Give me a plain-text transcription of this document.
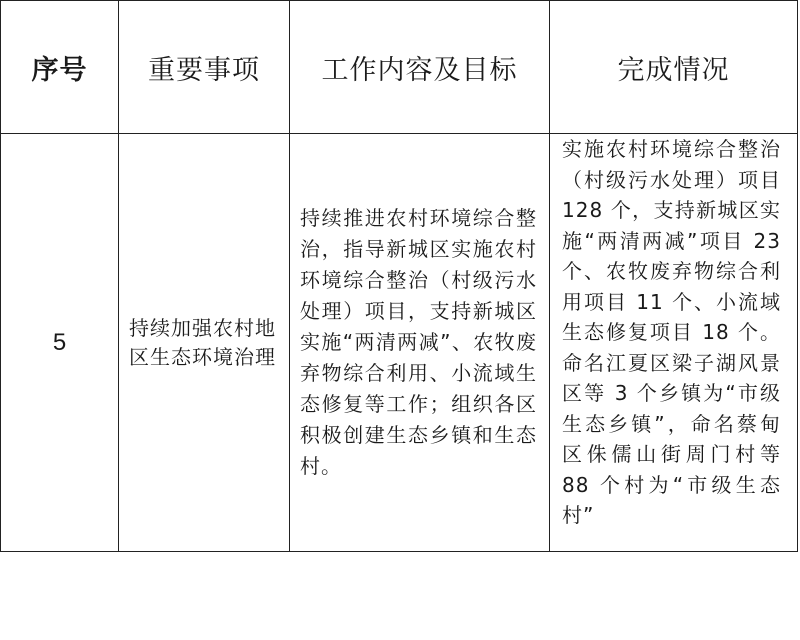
序号	重要事项	工作内容及目标	完成情况
5	持续加强农村地区生态环境治理	持续推进农村环境综合整治，指导新城区实施农村环境综合整治（村级污水处理）项目，支持新城区实施“两清两减”、农牧废弃物综合利用、小流域生态修复等工作；组织各区积极创建生态乡镇和生态村。	实施农村环境综合整治（村级污水处理）项目 128 个，支持新城区实施“两清两减”项目 23 个、农牧废弃物综合利用项目 11 个、小流域生态修复项目 18 个。命名江夏区梁子湖风景区等 3 个乡镇为“市级生态乡镇”，命名蔡甸区侏儒山街周门村等 88 个村为“市级生态村”
